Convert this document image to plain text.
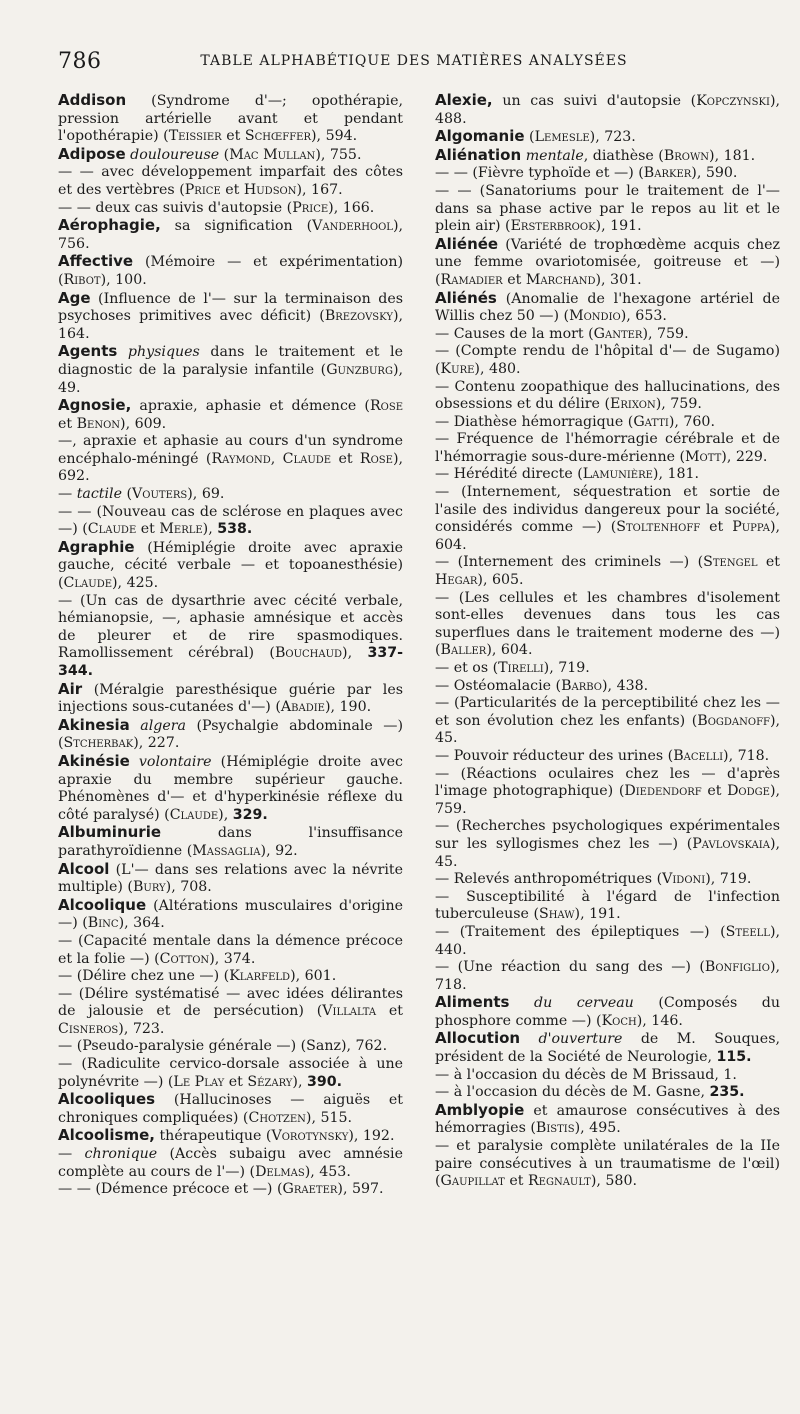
786	TABLE ALPHABÉTIQUE DES MATIÈRES ANALYSÉES

Addison (Syndrome d'—; opothérapie, pression artérielle avant et pendant l'opothérapie) (Teissier et Schœffer), 594.

Adipose douloureuse (Mac Mullan), 755.

— — avec développement imparfait des côtes et des vertèbres (Price et Hudson), 167.

— — deux cas suivis d'autopsie (Price), 166.

Aérophagie, sa signification (Vanderhool), 756.

Affective (Mémoire — et expérimentation) (Ribot), 100.

Age (Influence de l'— sur la terminaison des psychoses primitives avec déficit) (Brezovsky), 164.

Agents physiques dans le traitement et le diagnostic de la paralysie infantile (Gunzburg), 49.

Agnosie, apraxie, aphasie et démence (Rose et Benon), 609.

—, apraxie et aphasie au cours d'un syndrome encéphalo-méningé (Raymond, Claude et Rose), 692.

— tactile (Vouters), 69.

— — (Nouveau cas de sclérose en plaques avec —) (Claude et Merle), 538.

Agraphie (Hémiplégie droite avec apraxie gauche, cécité verbale — et topoanesthésie) (Claude), 425.

— (Un cas de dysarthrie avec cécité verbale, hémianopsie, —, aphasie amnésique et accès de pleurer et de rire spasmodiques. Ramollissement cérébral) (Bouchaud), 337-344.

Air (Méralgie paresthésique guérie par les injections sous-cutanées d'—) (Abadie), 190.

Akinesia algera (Psychalgie abdominale —) (Stcherbak), 227.

Akinésie volontaire (Hémiplégie droite avec apraxie du membre supérieur gauche. Phénomènes d'— et d'hyperkinésie réflexe du côté paralysé) (Claude), 329.

Albuminurie dans l'insuffisance parathyroïdienne (Massaglia), 92.

Alcool (L'— dans ses relations avec la névrite multiple) (Bury), 708.

Alcoolique (Altérations musculaires d'origine —) (Binc), 364.

— (Capacité mentale dans la démence précoce et la folie —) (Cotton), 374.

— (Délire chez une —) (Klarfeld), 601.

— (Délire systématisé — avec idées délirantes de jalousie et de persécution) (Villalta et Cisneros), 723.

— (Pseudo-paralysie générale —) (Sanz), 762.

— (Radiculite cervico-dorsale associée à une polynévrite —) (Le Play et Sézary), 390.

Alcooliques (Hallucinoses — aiguës et chroniques compliquées) (Chotzen), 515.

Alcoolisme, thérapeutique (Vorotynsky), 192.

— chronique (Accès subaigu avec amnésie complète au cours de l'—) (Delmas), 453.

— — (Démence précoce et —) (Graeter), 597.

Alexie, un cas suivi d'autopsie (Kopczynski), 488.

Algomanie (Lemesle), 723.

Aliénation mentale, diathèse (Brown), 181.

— — (Fièvre typhoïde et —) (Barker), 590.

— — (Sanatoriums pour le traitement de l'— dans sa phase active par le repos au lit et le plein air) (Ersterbrook), 191.

Aliénée (Variété de trophœdème acquis chez une femme ovariotomisée, goitreuse et —) (Ramadier et Marchand), 301.

Aliénés (Anomalie de l'hexagone artériel de Willis chez 50 —) (Mondio), 653.

— Causes de la mort (Ganter), 759.

— (Compte rendu de l'hôpital d'— de Sugamo) (Kure), 480.

— Contenu zoopathique des hallucinations, des obsessions et du délire (Erixon), 759.

— Diathèse hémorragique (Gatti), 760.

— Fréquence de l'hémorragie cérébrale et de l'hémorragie sous-dure-mérienne (Mott), 229.

— Hérédité directe (Lamunière), 181.

— (Internement, séquestration et sortie de l'asile des individus dangereux pour la société, considérés comme —) (Stoltenhoff et Puppa), 604.

— (Internement des criminels —) (Stengel et Hegar), 605.

— (Les cellules et les chambres d'isolement sont-elles devenues dans tous les cas superflues dans le traitement moderne des —) (Baller), 604.

— et os (Tirelli), 719.

— Ostéomalacie (Barbo), 438.

— (Particularités de la perceptibilité chez les — et son évolution chez les enfants) (Bogdanoff), 45.

— Pouvoir réducteur des urines (Bacelli), 718.

— (Réactions oculaires chez les — d'après l'image photographique) (Diedendorf et Dodge), 759.

— (Recherches psychologiques expérimentales sur les syllogismes chez les —) (Pavlovskaia), 45.

— Relevés anthropométriques (Vidoni), 719.

— Susceptibilité à l'égard de l'infection tuberculeuse (Shaw), 191.

— (Traitement des épileptiques —) (Steell), 440.

— (Une réaction du sang des —) (Bonfiglio), 718.

Aliments du cerveau (Composés du phosphore comme —) (Koch), 146.

Allocution d'ouverture de M. Souques, président de la Société de Neurologie, 115.

— à l'occasion du décès de M Brissaud, 1.

— à l'occasion du décès de M. Gasne, 235.

Amblyopie et amaurose consécutives à des hémorragies (Bistis), 495.

— et paralysie complète unilatérales de la IIe paire consécutives à un traumatisme de l'œil) (Gaupillat et Regnault), 580.
